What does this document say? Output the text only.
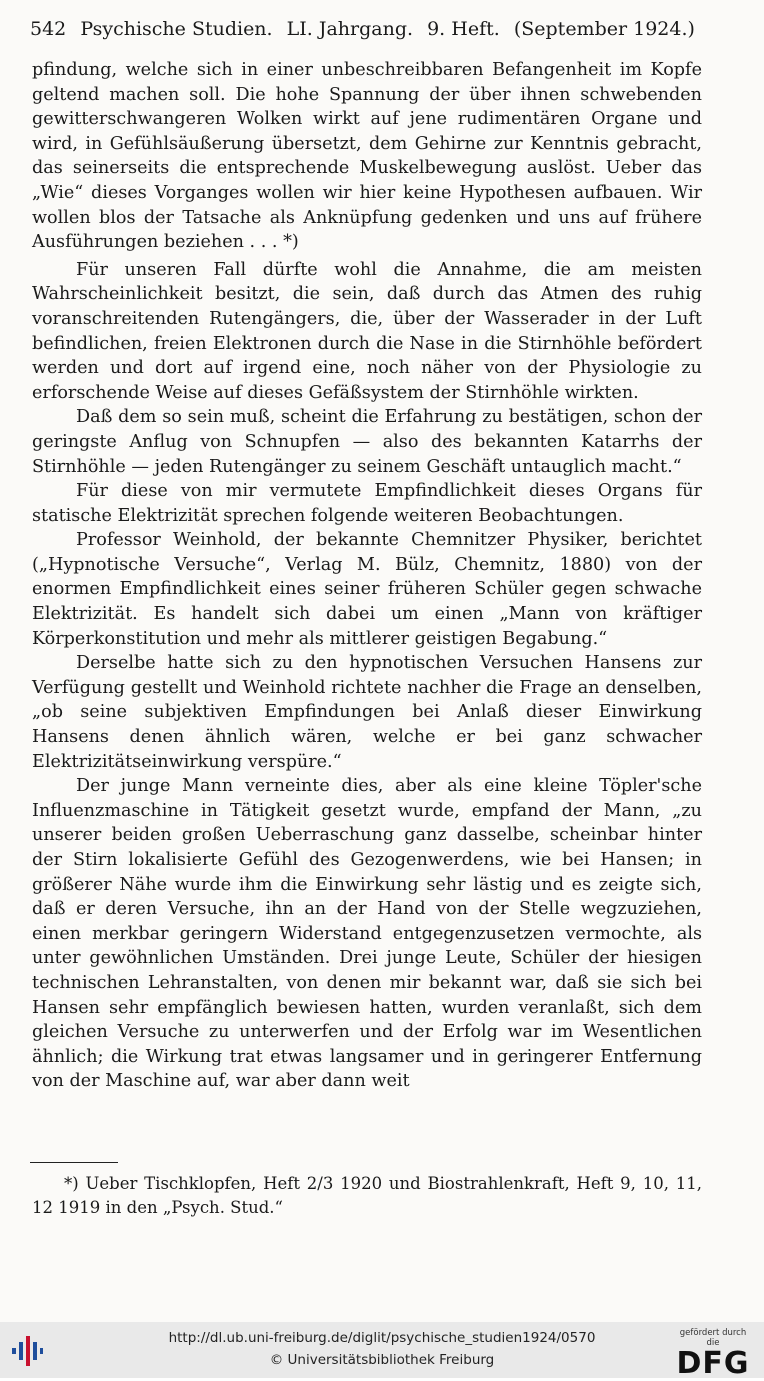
542 Psychische Studien. LI. Jahrgang. 9. Heft. (September 1924.)

pfindung, welche sich in einer unbeschreibbaren Befangenheit im Kopfe geltend machen soll. Die hohe Spannung der über ihnen schwebenden gewitterschwangeren Wolken wirkt auf jene rudimentären Organe und wird, in Gefühlsäußerung übersetzt, dem Gehirne zur Kenntnis gebracht, das seinerseits die entsprechende Muskelbewegung auslöst. Ueber das „Wie“ dieses Vorganges wollen wir hier keine Hypothesen aufbauen. Wir wollen blos der Tatsache als Anknüpfung gedenken und uns auf frühere Ausführungen beziehen . . . *)

Für unseren Fall dürfte wohl die Annahme, die am meisten Wahrscheinlichkeit besitzt, die sein, daß durch das Atmen des ruhig voranschreitenden Rutengängers, die, über der Wasserader in der Luft befindlichen, freien Elektronen durch die Nase in die Stirnhöhle befördert werden und dort auf irgend eine, noch näher von der Physiologie zu erforschende Weise auf dieses Gefäßsystem der Stirnhöhle wirkten.

Daß dem so sein muß, scheint die Erfahrung zu bestätigen, schon der geringste Anflug von Schnupfen — also des bekannten Katarrhs der Stirnhöhle — jeden Rutengänger zu seinem Geschäft untauglich macht.“

Für diese von mir vermutete Empfindlichkeit dieses Organs für statische Elektrizität sprechen folgende weiteren Beobachtungen.

Professor Weinhold, der bekannte Chemnitzer Physiker, berichtet („Hypnotische Versuche“, Verlag M. Bülz, Chemnitz, 1880) von der enormen Empfindlichkeit eines seiner früheren Schüler gegen schwache Elektrizität. Es handelt sich dabei um einen „Mann von kräftiger Körperkonstitution und mehr als mittlerer geistigen Begabung.“

Derselbe hatte sich zu den hypnotischen Versuchen Hansens zur Verfügung gestellt und Weinhold richtete nachher die Frage an denselben, „ob seine subjektiven Empfindungen bei Anlaß dieser Einwirkung Hansens denen ähnlich wären, welche er bei ganz schwacher Elektrizitätseinwirkung verspüre.“

Der junge Mann verneinte dies, aber als eine kleine Töpler'sche Influenzmaschine in Tätigkeit gesetzt wurde, empfand der Mann, „zu unserer beiden großen Ueberraschung ganz dasselbe, scheinbar hinter der Stirn lokalisierte Gefühl des Gezogenwerdens, wie bei Hansen; in größerer Nähe wurde ihm die Einwirkung sehr lästig und es zeigte sich, daß er deren Versuche, ihn an der Hand von der Stelle wegzuziehen, einen merkbar geringern Widerstand entgegenzusetzen vermochte, als unter gewöhnlichen Umständen. Drei junge Leute, Schüler der hiesigen technischen Lehranstalten, von denen mir bekannt war, daß sie sich bei Hansen sehr empfänglich bewiesen hatten, wurden veranlaßt, sich dem gleichen Versuche zu unterwerfen und der Erfolg war im Wesentlichen ähnlich; die Wirkung trat etwas langsamer und in geringerer Entfernung von der Maschine auf, war aber dann weit

*) Ueber Tischklopfen, Heft 2/3 1920 und Biostrahlenkraft, Heft 9, 10, 11, 12 1919 in den „Psych. Stud.“
http://dl.ub.uni-freiburg.de/diglit/psychische_studien1924/0570
© Universitätsbibliothek Freiburg
gefördert durch die
DFG
